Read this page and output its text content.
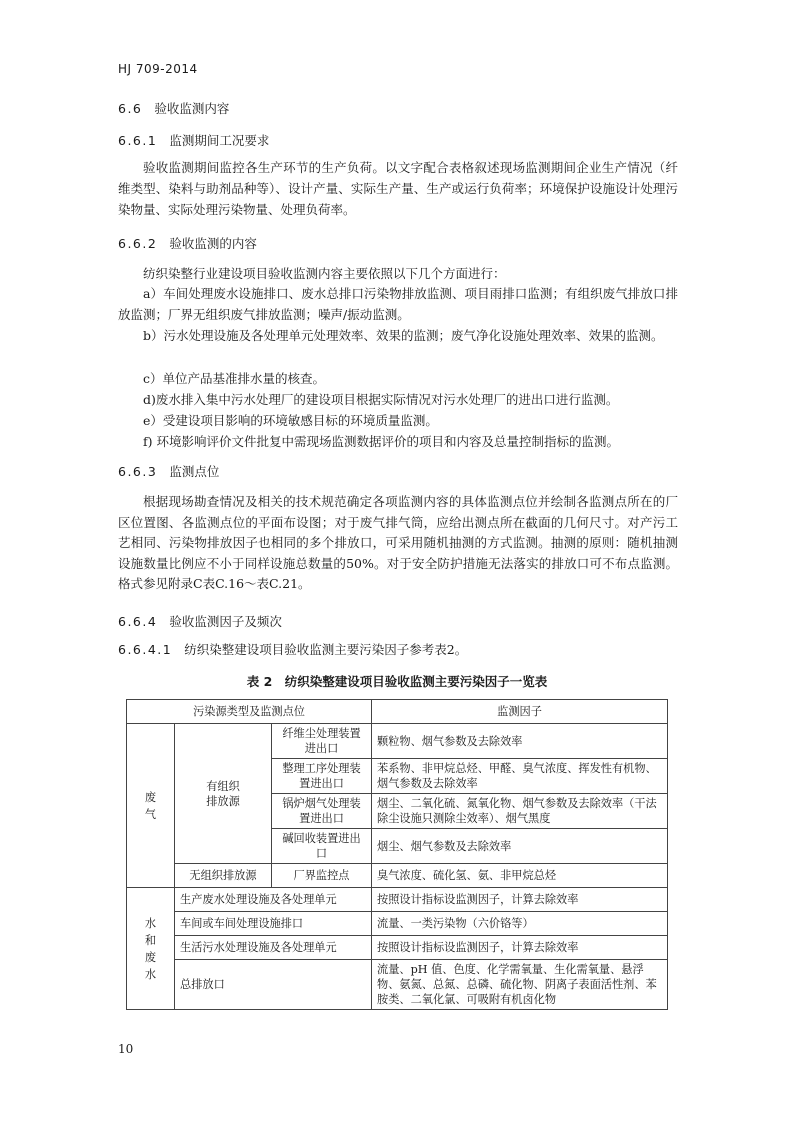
HJ 709-2014
6.6 验收监测内容
6.6.1 监测期间工况要求
验收监测期间监控各生产环节的生产负荷。以文字配合表格叙述现场监测期间企业生产情况（纤维类型、染料与助剂品种等）、设计产量、实际生产量、生产或运行负荷率；环境保护设施设计处理污染物量、实际处理污染物量、处理负荷率。
6.6.2 验收监测的内容
纺织染整行业建设项目验收监测内容主要依照以下几个方面进行：
a）车间处理废水设施排口、废水总排口污染物排放监测、项目雨排口监测；有组织废气排放口排放监测；厂界无组织废气排放监测；噪声/振动监测。
b）污水处理设施及各处理单元处理效率、效果的监测；废气净化设施处理效率、效果的监测。
c）单位产品基准排水量的核查。
d)废水排入集中污水处理厂的建设项目根据实际情况对污水处理厂的进出口进行监测。
e）受建设项目影响的环境敏感目标的环境质量监测。
f) 环境影响评价文件批复中需现场监测数据评价的项目和内容及总量控制指标的监测。
6.6.3 监测点位
根据现场勘查情况及相关的技术规范确定各项监测内容的具体监测点位并绘制各监测点所在的厂区位置图、各监测点位的平面布设图；对于废气排气筒，应给出测点所在截面的几何尺寸。对产污工艺相同、污染物排放因子也相同的多个排放口，可采用随机抽测的方式监测。抽测的原则：随机抽测设施数量比例应不小于同样设施总数量的50%。对于安全防护措施无法落实的排放口可不布点监测。格式参见附录C表C.16～表C.21。
6.6.4 验收监测因子及频次
6.6.4.1 纺织染整建设项目验收监测主要污染因子参考表2。
表 2　纺织染整建设项目验收监测主要污染因子一览表
污染源类型及监测点位			监测因子

废气	有组织排放源	纤维尘处理装置进出口	颗粒物、烟气参数及去除效率
		整理工序处理装置进出口	苯系物、非甲烷总烃、甲醛、臭气浓度、挥发性有机物、烟气参数及去除效率
		锅炉烟气处理装置进出口	烟尘、二氧化硫、氮氧化物、烟气参数及去除效率（干法除尘设施只测除尘效率）、烟气黑度
		碱回收装置进出口	烟尘、烟气参数及去除效率
	无组织排放源	厂界监控点	臭气浓度、硫化氢、氨、非甲烷总烃

水和废水	生产废水处理设施及各处理单元		按照设计指标设监测因子，计算去除效率
	车间或车间处理设施排口		流量、一类污染物（六价铬等）
	生活污水处理设施及各处理单元		按照设计指标设监测因子，计算去除效率
	总排放口		流量、pH 值、色度、化学需氧量、生化需氧量、悬浮物、氨氮、总氮、总磷、硫化物、阴离子表面活性剂、苯胺类、二氧化氯、可吸附有机卤化物
10
